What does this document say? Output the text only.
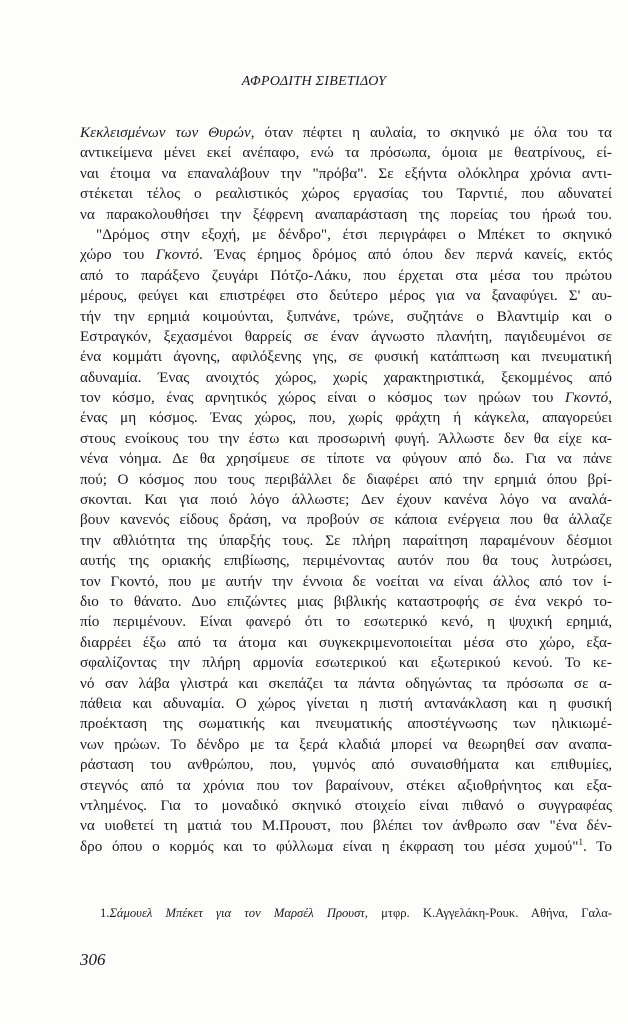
ΑΦΡΟΔΙΤΗ ΣΙΒΕΤΙΔΟΥ
Κεκλεισμένων των Θυρών, όταν πέφτει η αυλαία, το σκηνικό με όλα του τα
αντικείμενα μένει εκεί ανέπαφο, ενώ τα πρόσωπα, όμοια με θεατρίνους, εί-
ναι έτοιμα να επαναλάβουν την "πρόβα". Σε εξήντα ολόκληρα χρόνια αντι-
στέκεται τέλος ο ρεαλιστικός χώρος εργασίας του Ταρντιέ, που αδυνατεί
να παρακολουθήσει την ξέφρενη αναπαράσταση της πορείας του ήρωά του.
"Δρόμος στην εξοχή, με δένδρο", έτσι περιγράφει ο Μπέκετ το σκηνικό
χώρο του Γκοντό. Ένας έρημος δρόμος από όπου δεν περνά κανείς, εκτός
από το παράξενο ζευγάρι Πότζο-Λάκυ, που έρχεται στα μέσα του πρώτου
μέρους, φεύγει και επιστρέφει στο δεύτερο μέρος για να ξαναφύγει. Σ' αυ-
τήν την ερημιά κοιμούνται, ξυπνάνε, τρώνε, συζητάνε ο Βλαντιμίρ και ο
Εστραγκόν, ξεχασμένοι θαρρείς σε έναν άγνωστο πλανήτη, παγιδευμένοι σε
ένα κομμάτι άγονης, αφιλόξενης γης, σε φυσική κατάπτωση και πνευματική
αδυναμία. Ένας ανοιχτός χώρος, χωρίς χαρακτηριστικά, ξεκομμένος από
τον κόσμο, ένας αρνητικός χώρος είναι ο κόσμος των ηρώων του Γκοντό,
ένας μη κόσμος. Ένας χώρος, που, χωρίς φράχτη ή κάγκελα, απαγορεύει
στους ενοίκους του την έστω και προσωρινή φυγή. Άλλωστε δεν θα είχε κα-
νένα νόημα. Δε θα χρησίμευε σε τίποτε να φύγουν από δω. Για να πάνε
πού; Ο κόσμος που τους περιβάλλει δε διαφέρει από την ερημιά όπου βρί-
σκονται. Και για ποιό λόγο άλλωστε; Δεν έχουν κανένα λόγο να αναλά-
βουν κανενός είδους δράση, να προβούν σε κάποια ενέργεια που θα άλλαζε
την αθλιότητα της ύπαρξής τους. Σε πλήρη παραίτηση παραμένουν δέσμιοι
αυτής της οριακής επιβίωσης, περιμένοντας αυτόν που θα τους λυτρώσει,
τον Γκοντό, που με αυτήν την έννοια δε νοείται να είναι άλλος από τον ί-
διο το θάνατο. Δυο επιζώντες μιας βιβλικής καταστροφής σε ένα νεκρό το-
πίο περιμένουν. Είναι φανερό ότι το εσωτερικό κενό, η ψυχική ερημιά,
διαρρέει έξω από τα άτομα και συγκεκριμενοποιείται μέσα στο χώρο, εξα-
σφαλίζοντας την πλήρη αρμονία εσωτερικού και εξωτερικού κενού. Το κε-
νό σαν λάβα γλιστρά και σκεπάζει τα πάντα οδηγώντας τα πρόσωπα σε α-
πάθεια και αδυναμία. Ο χώρος γίνεται η πιστή αντανάκλαση και η φυσική
προέκταση της σωματικής και πνευματικής αποστέγνωσης των ηλικιωμέ-
νων ηρώων. Το δένδρο με τα ξερά κλαδιά μπορεί να θεωρηθεί σαν αναπα-
ράσταση του ανθρώπου, που, γυμνός από συναισθήματα και επιθυμίες,
στεγνός από τα χρόνια που τον βαραίνουν, στέκει αξιοθρήνητος και εξα-
ντλημένος. Για το μοναδικό σκηνικό στοιχείο είναι πιθανό ο συγγραφέας
να υιοθετεί τη ματιά του Μ.Προυστ, που βλέπει τον άνθρωπο σαν "ένα δέν-
δρο όπου ο κορμός και το φύλλωμα είναι η έκφραση του μέσα χυμού"$^1$. Το
1.Σάμουελ Μπέκετ για τον Μαρσέλ Προυστ, μτφρ. Κ.Αγγελάκη-Ρουκ. Αθήνα, Γαλα-
306
